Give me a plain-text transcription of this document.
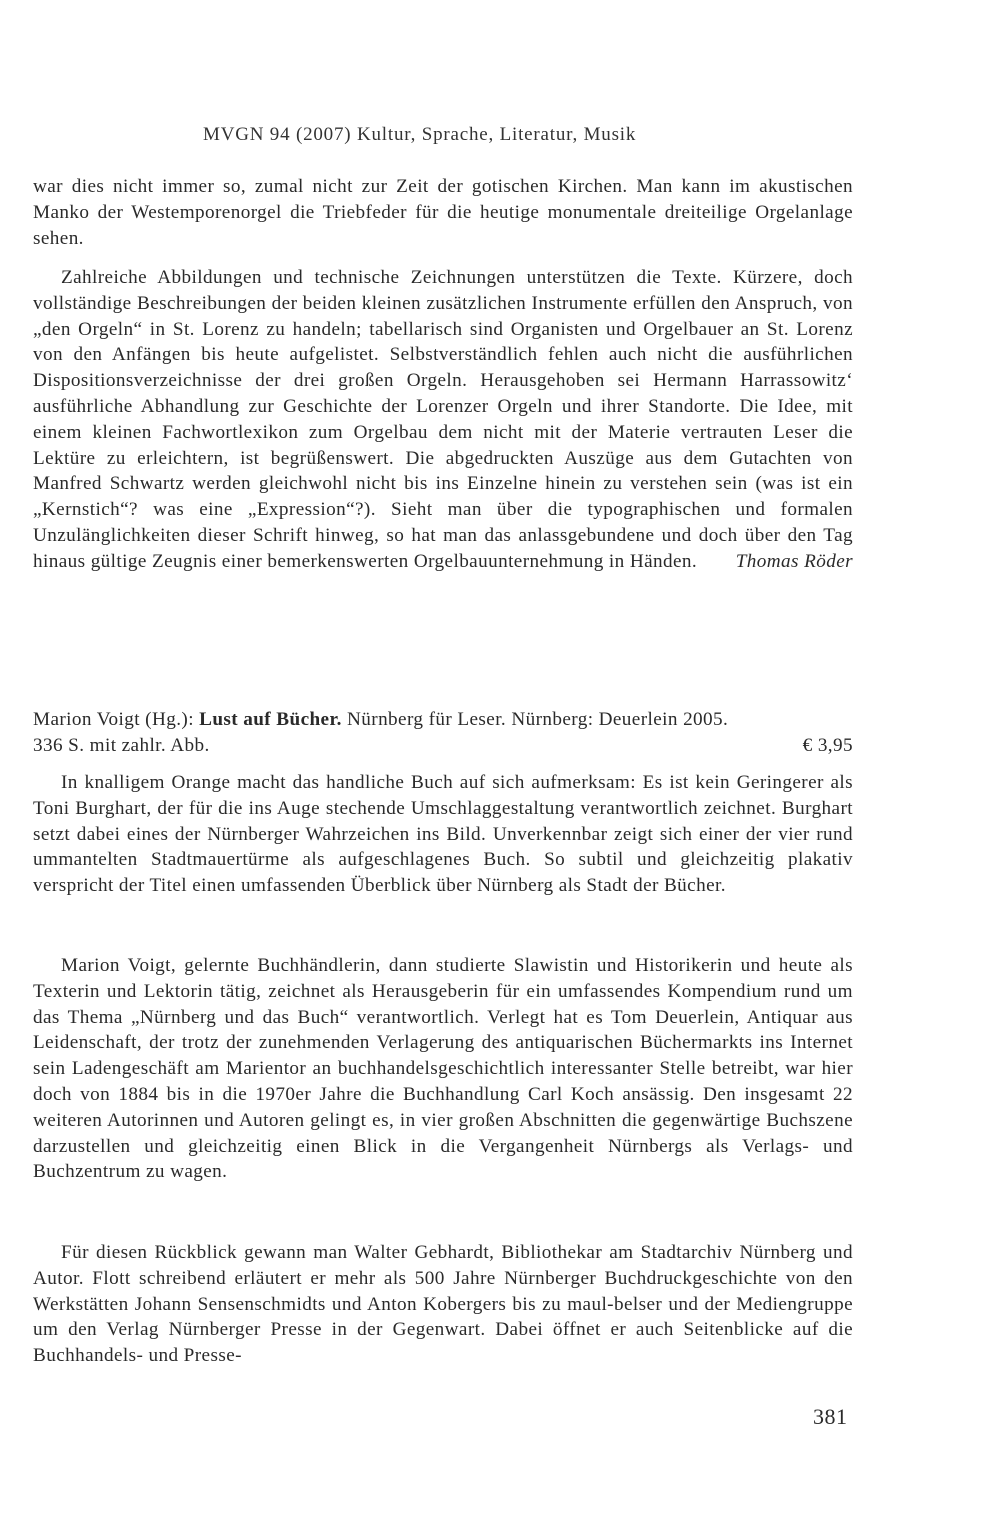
MVGN 94 (2007) Kultur, Sprache, Literatur, Musik

war dies nicht immer so, zumal nicht zur Zeit der gotischen Kirchen. Man kann im akustischen Manko der Westemporenorgel die Triebfeder für die heutige monumentale dreiteilige Orgelanlage sehen.

Zahlreiche Abbildungen und technische Zeichnungen unterstützen die Texte. Kürzere, doch vollständige Beschreibungen der beiden kleinen zusätzlichen Instrumente erfüllen den Anspruch, von „den Orgeln“ in St. Lorenz zu handeln; tabellarisch sind Organisten und Orgelbauer an St. Lorenz von den Anfängen bis heute aufgelistet. Selbstverständlich fehlen auch nicht die ausführlichen Dispositionsverzeichnisse der drei großen Orgeln. Herausgehoben sei Hermann Harrassowitz‘ ausführliche Abhandlung zur Geschichte der Lorenzer Orgeln und ihrer Standorte. Die Idee, mit einem kleinen Fachwortlexikon zum Orgelbau dem nicht mit der Materie vertrauten Leser die Lektüre zu erleichtern, ist begrüßenswert. Die abgedruckten Auszüge aus dem Gutachten von Manfred Schwartz werden gleichwohl nicht bis ins Einzelne hinein zu verstehen sein (was ist ein „Kernstich“? was eine „Expression“?). Sieht man über die typographischen und formalen Unzulänglichkeiten dieser Schrift hinweg, so hat man das anlassgebundene und doch über den Tag hinaus gültige Zeugnis einer bemerkenswerten Orgelbauunternehmung in Händen.	Thomas Röder

Marion Voigt (Hg.): Lust auf Bücher. Nürnberg für Leser. Nürnberg: Deuerlein 2005.

336 S. mit zahlr. Abb.	€ 3,95

In knalligem Orange macht das handliche Buch auf sich aufmerksam: Es ist kein Geringerer als Toni Burghart, der für die ins Auge stechende Umschlaggestaltung verantwortlich zeichnet. Burghart setzt dabei eines der Nürnberger Wahrzeichen ins Bild. Unverkennbar zeigt sich einer der vier rund ummantelten Stadtmauertürme als aufgeschlagenes Buch. So subtil und gleichzeitig plakativ verspricht der Titel einen umfassenden Überblick über Nürnberg als Stadt der Bücher.

Marion Voigt, gelernte Buchhändlerin, dann studierte Slawistin und Historikerin und heute als Texterin und Lektorin tätig, zeichnet als Herausgeberin für ein umfassendes Kompendium rund um das Thema „Nürnberg und das Buch“ verantwortlich. Verlegt hat es Tom Deuerlein, Antiquar aus Leidenschaft, der trotz der zunehmenden Verlagerung des antiquarischen Büchermarkts ins Internet sein Ladengeschäft am Marientor an buchhandelsgeschichtlich interessanter Stelle betreibt, war hier doch von 1884 bis in die 1970er Jahre die Buchhandlung Carl Koch ansässig. Den insgesamt 22 weiteren Autorinnen und Autoren gelingt es, in vier großen Abschnitten die gegenwärtige Buchszene darzustellen und gleichzeitig einen Blick in die Vergangenheit Nürnbergs als Verlags- und Buchzentrum zu wagen.

Für diesen Rückblick gewann man Walter Gebhardt, Bibliothekar am Stadtarchiv Nürnberg und Autor. Flott schreibend erläutert er mehr als 500 Jahre Nürnberger Buchdruckgeschichte von den Werkstätten Johann Sensenschmidts und Anton Kobergers bis zu maul-belser und der Mediengruppe um den Verlag Nürnberger Presse in der Gegenwart. Dabei öffnet er auch Seitenblicke auf die Buchhandels- und Presse-

381
